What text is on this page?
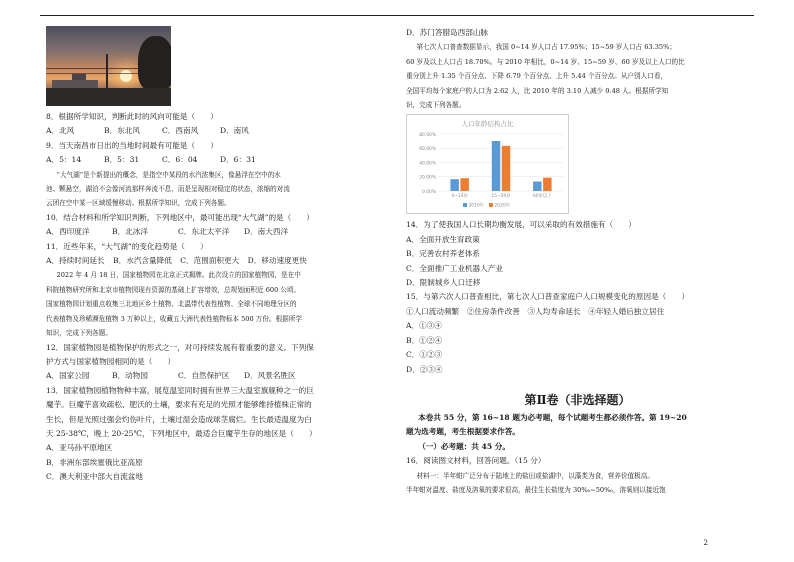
8．根据所学知识，判断此时的风向可能是（　　）
A．北风	B．东北风	C．西南风	D．南风
9．当天南昌市日出的当地时间最有可能是（　　）
A．5：14	B．5：31	C．6：04	D．6：31
“大气湖”是个新提出的概念，是指空中某段的水汽浓集区，像悬浮在空中的水
池、颗悬空，湖泊不会像河流那样奔流不息，而是呈现相对稳定的状态，浓缩的对流
云团在空中某一区域缓慢移动。根据所学知识，完成下列各题。
10．结合材料和所学知识判断，下列地区中，最可能出现“大气湖”的是（　　）
A．西印度洋	B．北冰洋	C．东北太平洋	D．南大西洋
11．近些年来，“大气湖”的变化趋势是（　　）
A．持续时间延长 B．水汽含量降低 C．范围面积更大 D．移动速度更快
2022 年 4 月 18 日，国家植物园在北京正式揭牌。此次设立的国家植物园，是在中
科院植物研究所和北京市植物园现有资源的基础上扩容增效，总规划面积近 600 公顷。
国家植物园计划重点收集三北地区乡土植物、北温带代表性植物、全球不同地理分区的
代表植物及珍稀濒危植物 3 万种以上，收藏五大洲代表性植物标本 500 万份。根据所学
知识，完成下列各题。
12．国家植物园是植物保护的形式之一，对可持续发展有着重要的意义。下列保
护方式与国家植物园相同的是（　　）
A．国家公园	B．动物园	C．自然保护区	D．风景名胜区
13．国家植物园植物物种丰富，展览温室同时拥有世界三大温室旗舰种之一的巨
魔芋。巨魔芋喜欢疏松、肥沃的土壤，要求有充足的光照才能够维持植株正常的
生长，但是光照过强会灼伤叶片，土壤过湿会造成球茎腐烂。生长最适温度为白
天 25-38℃，晚上 20-25℃，下列地区中，最适合巨魔芋生存的地区是（　　）
A．亚马孙平原地区
B．非洲东部埃塞俄比亚高原
C．澳大利亚中部大自流盆地
D．苏门答腊岛西部山脉
第七次人口普查数据显示，我国 0~14 岁人口占 17.95%；15~59 岁人口占 63.35%；
60 岁及以上人口占 18.70%。与 2010 年相比，0~14 岁、15~59 岁、60 岁及以上人口的比
重分别上升 1.35 个百分点、下降 6.79 个百分点、上升 5.44 个百分点。从户别人口看，
全国平均每个家庭户的人口为 2.62 人，比 2010 年的 3.10 人减少 0.48 人。根据所学知
识，完成下列各题。
人口年龄结构占比
0.00%
20.00%
40.00%
60.00%
80.00%
0~14岁	15~59岁	60岁以上
2010年 2020年
14．为了使我国人口长期均衡发展，可以采取的有效措施有（　　）
A．全面开放生育政策
B．完善农村养老体系
C．全面推广工业机器人产业
D．限制城乡人口迁移
15．与第六次人口普查相比，第七次人口普查家庭户人口规模变化的原因是（　　）
①人口流动频繁　②住房条件改善　③人均寿命延长　④年轻人婚后独立居住
A．①③④
B．①②④
C．①②③
D．②③④
第Ⅱ卷（非选择题）
本卷共 55 分，第 16~18 题为必考题，每个试题考生都必须作答。第 19~20
题为选考题，考生根据要求作答。
（一）必考题：共 45 分。
16．阅读图文材料，回答问题。（15 分）
材料一：半年蚶广泛分布于陆地上的盐田或盐湖中，以藻类为食，营养价值极高。
半年蚶对温度、盐度及溶氧的要求很高，最佳生长盐度为 30‰~50‰，溶氧则以接近饱
2
